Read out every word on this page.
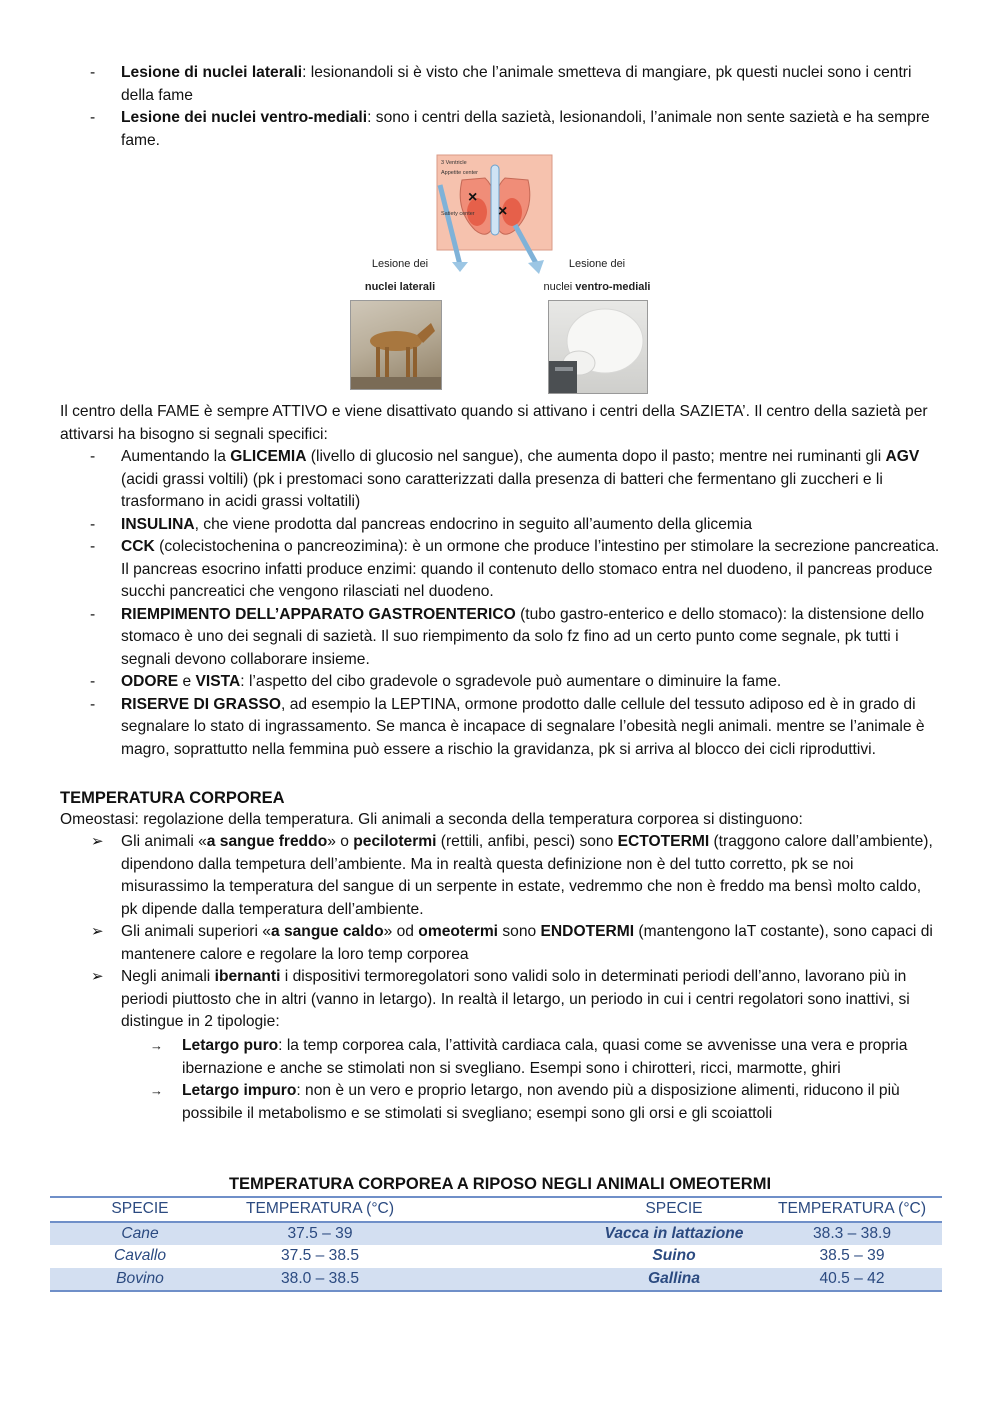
- Lesione di nuclei laterali: lesionandoli si è visto che l’animale smetteva di mangiare, pk questi nuclei sono i centri della fame
- Lesione dei nuclei ventro-mediali: sono i centri della sazietà, lesionandoli, l’animale non sente sazietà e ha sempre fame.
×
×
3 Ventricle
Appetite center
Satiety center
Lesione dei
nuclei laterali
Lesione dei
nuclei ventro-mediali
Il centro della FAME è sempre ATTIVO e viene disattivato quando si attivano i centri della SAZIETA’. Il centro della sazietà per attivarsi ha bisogno si segnali specifici:
- Aumentando la GLICEMIA (livello di glucosio nel sangue), che aumenta dopo il pasto; mentre nei ruminanti gli AGV (acidi grassi voltili) (pk i prestomaci sono caratterizzati dalla presenza di batteri che fermentano gli zuccheri e li trasformano in acidi grassi voltatili)
- INSULINA, che viene prodotta dal pancreas endocrino in seguito all’aumento della glicemia
- CCK (colecistochenina o pancreozimina): è un ormone che produce l’intestino per stimolare la secrezione pancreatica. Il pancreas esocrino infatti produce enzimi: quando il contenuto dello stomaco entra nel duodeno, il pancreas produce succhi pancreatici che vengono rilasciati nel duodeno.
- RIEMPIMENTO DELL’APPARATO GASTROENTERICO (tubo gastro-enterico e dello stomaco): la distensione dello stomaco è uno dei segnali di sazietà. Il suo riempimento da solo fz fino ad un certo punto come segnale, pk tutti i segnali devono collaborare insieme.
- ODORE e VISTA: l’aspetto del cibo gradevole o sgradevole può aumentare o diminuire la fame.
- RISERVE DI GRASSO, ad esempio la LEPTINA, ormone prodotto dalle cellule del tessuto adiposo ed è in grado di segnalare lo stato di ingrassamento. Se manca è incapace di segnalare l’obesità negli animali. mentre se l’animale è magro, soprattutto nella femmina può essere a rischio la gravidanza, pk si arriva al blocco dei cicli riproduttivi.
TEMPERATURA CORPOREA
Omeostasi: regolazione della temperatura. Gli animali a seconda della temperatura corporea si distinguono:
➢ Gli animali «a sangue freddo» o pecilotermi (rettili, anfibi, pesci) sono ECTOTERMI (traggono calore dall’ambiente), dipendono dalla tempetura dell’ambiente. Ma in realtà questa definizione non è del tutto corretto, pk se noi misurassimo la temperatura del sangue di un serpente in estate, vedremmo che non è freddo ma bensì molto caldo, pk dipende dalla temperatura dell’ambiente.
➢ Gli animali superiori «a sangue caldo» od omeotermi sono ENDOTERMI (mantengono laT costante), sono capaci di mantenere calore e regolare la loro temp corporea
➢ Negli animali ibernanti i dispositivi termoregolatori sono validi solo in determinati periodi dell’anno, lavorano più in periodi piuttosto che in altri (vanno in letargo). In realtà il letargo, un periodo in cui i centri regolatori sono inattivi, si distingue in 2 tipologie:
→ Letargo puro: la temp corporea cala, l’attività cardiaca cala, quasi come se avvenisse una vera e propria ibernazione e anche se stimolati non si svegliano. Esempi sono i chirotteri, ricci, marmotte, ghiri
→ Letargo impuro: non è un vero e proprio letargo, non avendo più a disposizione alimenti, riducono il più possibile il metabolismo e se stimolati si svegliano; esempi sono gli orsi e gli scoiattoli
TEMPERATURA CORPOREA A RIPOSO NEGLI ANIMALI OMEOTERMI
SPECIE	TEMPERATURA (°C)		SPECIE	TEMPERATURA (°C)
Cane	37.5 – 39		Vacca in lattazione	38.3 – 38.9
Cavallo	37.5 – 38.5		Suino	38.5 – 39
Bovino	38.0 – 38.5		Gallina	40.5 – 42
